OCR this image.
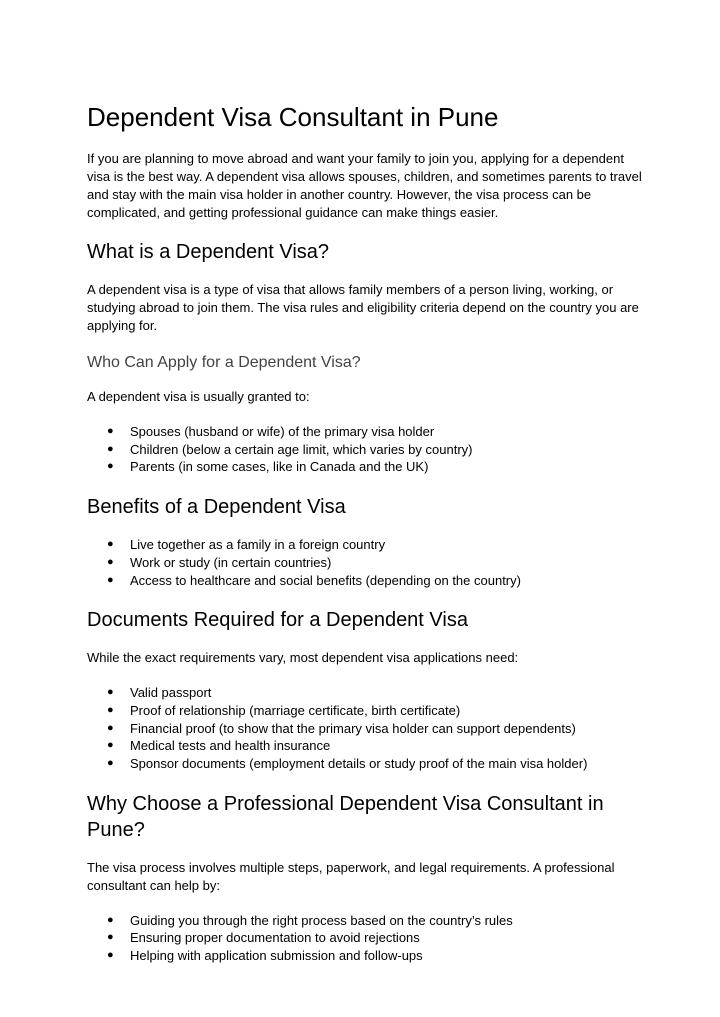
Dependent Visa Consultant in Pune

If you are planning to move abroad and want your family to join you, applying for a dependent visa is the best way. A dependent visa allows spouses, children, and sometimes parents to travel and stay with the main visa holder in another country. However, the visa process can be complicated, and getting professional guidance can make things easier.

What is a Dependent Visa?

A dependent visa is a type of visa that allows family members of a person living, working, or studying abroad to join them. The visa rules and eligibility criteria depend on the country you are applying for.

Who Can Apply for a Dependent Visa?

A dependent visa is usually granted to:

● Spouses (husband or wife) of the primary visa holder
● Children (below a certain age limit, which varies by country)
● Parents (in some cases, like in Canada and the UK)
Benefits of a Dependent Visa
● Live together as a family in a foreign country
● Work or study (in certain countries)
● Access to healthcare and social benefits (depending on the country)
Documents Required for a Dependent Visa

While the exact requirements vary, most dependent visa applications need:

● Valid passport
● Proof of relationship (marriage certificate, birth certificate)
● Financial proof (to show that the primary visa holder can support dependents)
● Medical tests and health insurance
● Sponsor documents (employment details or study proof of the main visa holder)
Why Choose a Professional Dependent Visa Consultant in Pune?

The visa process involves multiple steps, paperwork, and legal requirements. A professional consultant can help by:

● Guiding you through the right process based on the country’s rules
● Ensuring proper documentation to avoid rejections
● Helping with application submission and follow-ups
